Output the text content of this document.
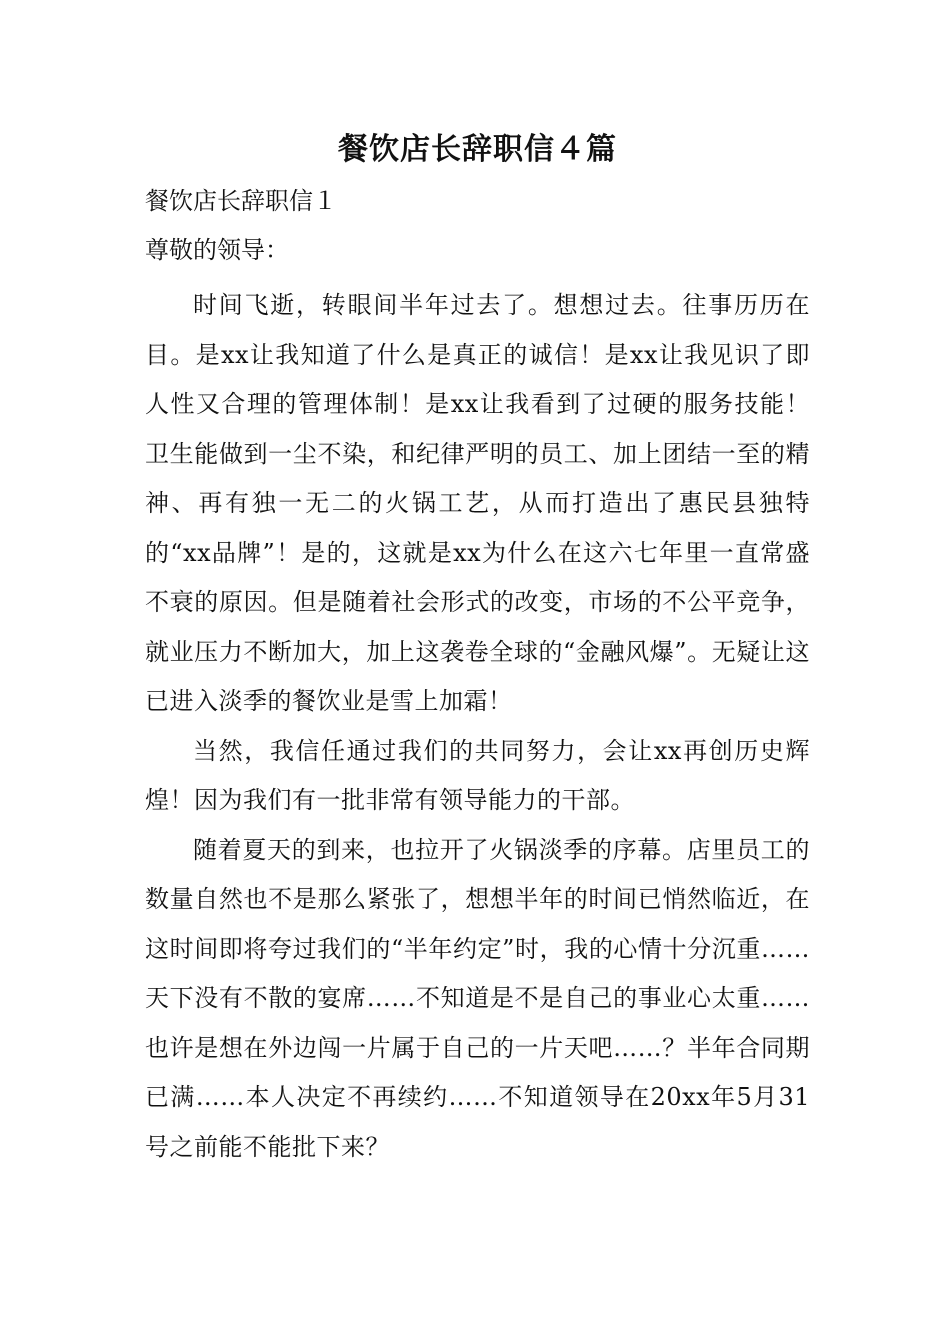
餐饮店长辞职信４篇

餐饮店长辞职信１

尊敬的领导：

时间飞逝，转眼间半年过去了。想想过去。往事历历在目。是xx让我知道了什么是真正的诚信！是xx让我见识了即人性又合理的管理体制！是xx让我看到了过硬的服务技能！卫生能做到一尘不染，和纪律严明的员工、加上团结一至的精神、再有独一无二的火锅工艺，从而打造出了惠民县独特的“xx品牌”！是的，这就是xx为什么在这六七年里一直常盛不衰的原因。但是随着社会形式的改变，市场的不公平竞争，就业压力不断加大，加上这袭卷全球的“金融风爆”。无疑让这已进入淡季的餐饮业是雪上加霜！

当然，我信任通过我们的共同努力，会让xx再创历史辉煌！因为我们有一批非常有领导能力的干部。

随着夏天的到来，也拉开了火锅淡季的序幕。店里员工的数量自然也不是那么紧张了，想想半年的时间已悄然临近，在这时间即将夸过我们的“半年约定”时，我的心情十分沉重……天下没有不散的宴席……不知道是不是自己的事业心太重……也许是想在外边闯一片属于自己的一片天吧……？半年合同期已满……本人决定不再续约……不知道领导在20xx年5月31号之前能不能批下来？
